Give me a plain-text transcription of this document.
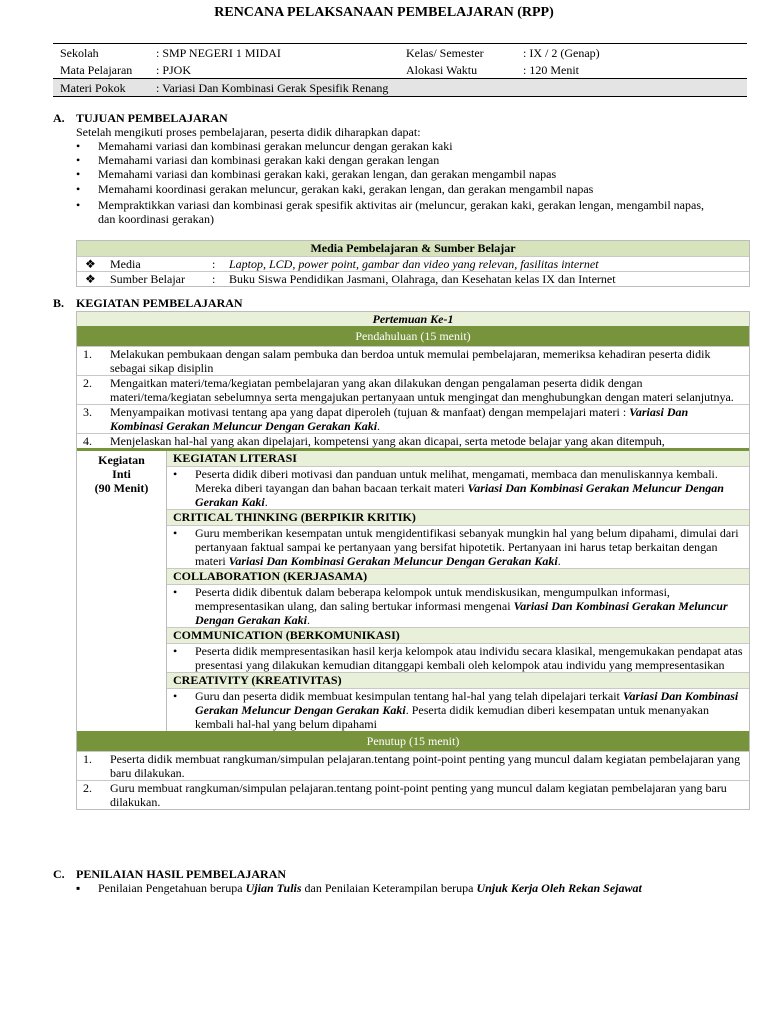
RENCANA PELAKSANAAN PEMBELAJARAN (RPP)
Sekolah	: SMP NEGERI 1 MIDAI	Kelas/ Semester	: IX / 2 (Genap)
Mata Pelajaran : PJOK	Alokasi Waktu	: 120 Menit
Materi Pokok	: Variasi Dan Kombinasi Gerak Spesifik Renang
A. TUJUAN PEMBELAJARAN
Setelah mengikuti proses pembelajaran, peserta didik diharapkan dapat:
• Memahami variasi dan kombinasi gerakan meluncur dengan gerakan kaki
• Memahami variasi dan kombinasi gerakan kaki dengan gerakan lengan
• Memahami variasi dan kombinasi gerakan kaki, gerakan lengan, dan gerakan mengambil napas
• Memahami koordinasi gerakan meluncur, gerakan kaki, gerakan lengan, dan gerakan mengambil napas
• Mempraktikkan variasi dan kombinasi gerak spesifik aktivitas air (meluncur, gerakan kaki, gerakan lengan, mengambil napas, dan koordinasi gerakan)
Media Pembelajaran & Sumber Belajar
❖ Media	: Laptop, LCD, power point, gambar dan video yang relevan, fasilitas internet
❖ Sumber Belajar : Buku Siswa Pendidikan Jasmani, Olahraga, dan Kesehatan kelas IX dan Internet
B. KEGIATAN PEMBELAJARAN
Pertemuan Ke-1
Pendahuluan (15 menit)
1. Melakukan pembukaan dengan salam pembuka dan berdoa untuk memulai pembelajaran, memeriksa kehadiran peserta didik sebagai sikap disiplin
2. Mengaitkan materi/tema/kegiatan pembelajaran yang akan dilakukan dengan pengalaman peserta didik dengan materi/tema/kegiatan sebelumnya serta mengajukan pertanyaan untuk mengingat dan menghubungkan dengan materi selanjutnya.
3. Menyampaikan motivasi tentang apa yang dapat diperoleh (tujuan & manfaat) dengan mempelajari materi : Variasi Dan Kombinasi Gerakan Meluncur Dengan Gerakan Kaki.
4. Menjelaskan hal-hal yang akan dipelajari, kompetensi yang akan dicapai, serta metode belajar yang akan ditempuh,
Kegiatan
Inti
(90 Menit)
KEGIATAN LITERASI
• Peserta didik diberi motivasi dan panduan untuk melihat, mengamati, membaca dan menuliskannya kembali. Mereka diberi tayangan dan bahan bacaan terkait materi Variasi Dan Kombinasi Gerakan Meluncur Dengan Gerakan Kaki.
CRITICAL THINKING (BERPIKIR KRITIK)
• Guru memberikan kesempatan untuk mengidentifikasi sebanyak mungkin hal yang belum dipahami, dimulai dari pertanyaan faktual sampai ke pertanyaan yang bersifat hipotetik. Pertanyaan ini harus tetap berkaitan dengan materi Variasi Dan Kombinasi Gerakan Meluncur Dengan Gerakan Kaki.
COLLABORATION (KERJASAMA)
• Peserta didik dibentuk dalam beberapa kelompok untuk mendiskusikan, mengumpulkan informasi, mempresentasikan ulang, dan saling bertukar informasi mengenai Variasi Dan Kombinasi Gerakan Meluncur Dengan Gerakan Kaki.
COMMUNICATION (BERKOMUNIKASI)
• Peserta didik mempresentasikan hasil kerja kelompok atau individu secara klasikal, mengemukakan pendapat atas presentasi yang dilakukan kemudian ditanggapi kembali oleh kelompok atau individu yang mempresentasikan
CREATIVITY (KREATIVITAS)
• Guru dan peserta didik membuat kesimpulan tentang hal-hal yang telah dipelajari terkait Variasi Dan Kombinasi Gerakan Meluncur Dengan Gerakan Kaki. Peserta didik kemudian diberi kesempatan untuk menanyakan kembali hal-hal yang belum dipahami
Penutup (15 menit)
1. Peserta didik membuat rangkuman/simpulan pelajaran.tentang point-point penting yang muncul dalam kegiatan pembelajaran yang baru dilakukan.
2. Guru membuat rangkuman/simpulan pelajaran.tentang point-point penting yang muncul dalam kegiatan pembelajaran yang baru dilakukan.
C. PENILAIAN HASIL PEMBELAJARAN
▪ Penilaian Pengetahuan berupa Ujian Tulis dan Penilaian Keterampilan berupa Unjuk Kerja Oleh Rekan Sejawat
